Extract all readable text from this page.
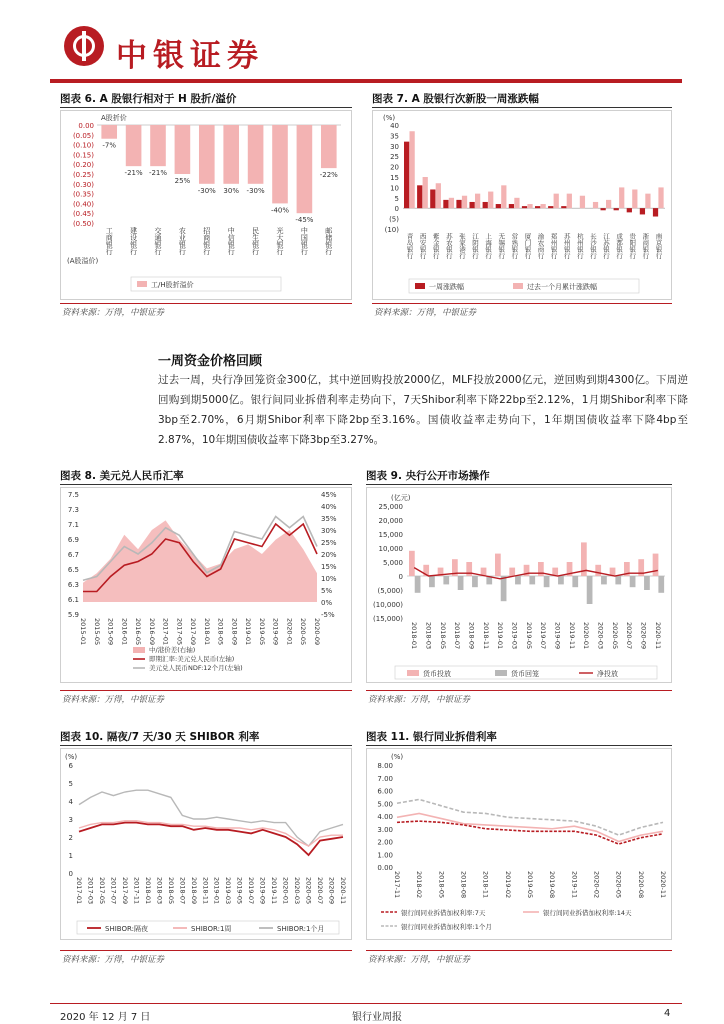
中银证券
图表 6. A 股银行相对于 H 股折/溢价
0.00
(0.05)
(0.10)
(0.15)
(0.20)
(0.25)
(0.30)
(0.35)
(0.40)
(0.45)
(0.50)
A股折价
-7%
工商银行
-21%
建设银行
-21%
交通银行
25%
农业银行
-30%
招商银行
30%
中信银行
-30%
民生银行
-40%
光大银行
-45%
中国银行
-22%
邮储银行
(A股溢价)
工/H股折溢价
资料来源：万得，中银证券
图表 7. A 股银行次新股一周涨跌幅
(%)
40
35
30
25
20
15
10
5
0
(5)
(10)
青岛银行 西安银行 紫金银行 苏农银行 张家港行 江阴银行 上海银行 无锡银行 常熟银行 厦门银行 渝农商行 郑州银行 苏州银行 杭州银行 长沙银行 江苏银行 成都银行 贵阳银行 浙商银行 南京银行
一周涨跌幅	过去一个月累计涨跌幅
资料来源：万得，中银证券
一周资金价格回顾
过去一周，央行净回笼资金300亿，其中逆回购投放2000亿，MLF投放2000亿元，逆回购到期4300亿。下周逆回购到期5000亿。银行间同业拆借利率走势向下，7天Shibor利率下降22bp至2.12%，1月期Shibor利率下降3bp至2.70%，6月期Shibor利率下降2bp至3.16%。国债收益率走势向下，1年期国债收益率下降4bp至2.87%，10年期国债收益率下降3bp至3.27%。
图表 8. 美元兑人民币汇率
7.5
7.3
7.1
6.9
6.7
6.5
6.3
6.1
5.9
45%
40%
35%
30%
25%
20%
15%
10%
5%
0%
-5%
2015-01 2015-05 2015-09 2016-01 2016-05 2016-09 2017-01 2017-05 2017-09 2018-01 2018-05 2018-09 2019-01 2019-05 2019-09 2020-01 2020-05 2020-09
中/港价差(右轴)
即期汇率:美元兑人民币(左轴)
美元兑人民币NDF:12个月(左轴)
资料来源：万得，中银证券
图表 9. 央行公开市场操作
(亿元)
25,000
20,000
15,000
10,000
5,000
0
(5,000)
(10,000)
(15,000)
2018-01 2018-03 2018-05 2018-07 2018-09 2018-11 2019-01 2019-03 2019-05 2019-07 2019-09 2019-11 2020-01 2020-03 2020-05 2020-07 2020-09 2020-11
货币投放	货币回笼	净投放
资料来源：万得，中银证券
图表 10. 隔夜/7 天/30 天 SHIBOR 利率
(%)
6
5
4
3
2
1
0
2017-01 2017-03 2017-05 2017-07 2017-09 2017-11 2018-01 2018-03 2018-05 2018-07 2018-09 2018-11 2019-01 2019-03 2019-05 2019-07 2019-09 2019-11 2020-01 2020-03 2020-05 2020-07 2020-09 2020-11
SHIBOR:隔夜	SHIBOR:1周	SHIBOR:1个月
资料来源：万得，中银证券
图表 11. 银行同业拆借利率
(%)
8.00
7.00
6.00
5.00
4.00
3.00
2.00
1.00
0.00
2017-11 2018-02 2018-05 2018-08 2018-11 2019-02 2019-05 2019-08 2019-11 2020-02 2020-05 2020-08 2020-11
银行间同业拆借加权利率:7天	银行间同业拆借加权利率:14天
银行间同业拆借加权利率:1个月
资料来源：万得，中银证券
2020 年 12 月 7 日	银行业周报	4
